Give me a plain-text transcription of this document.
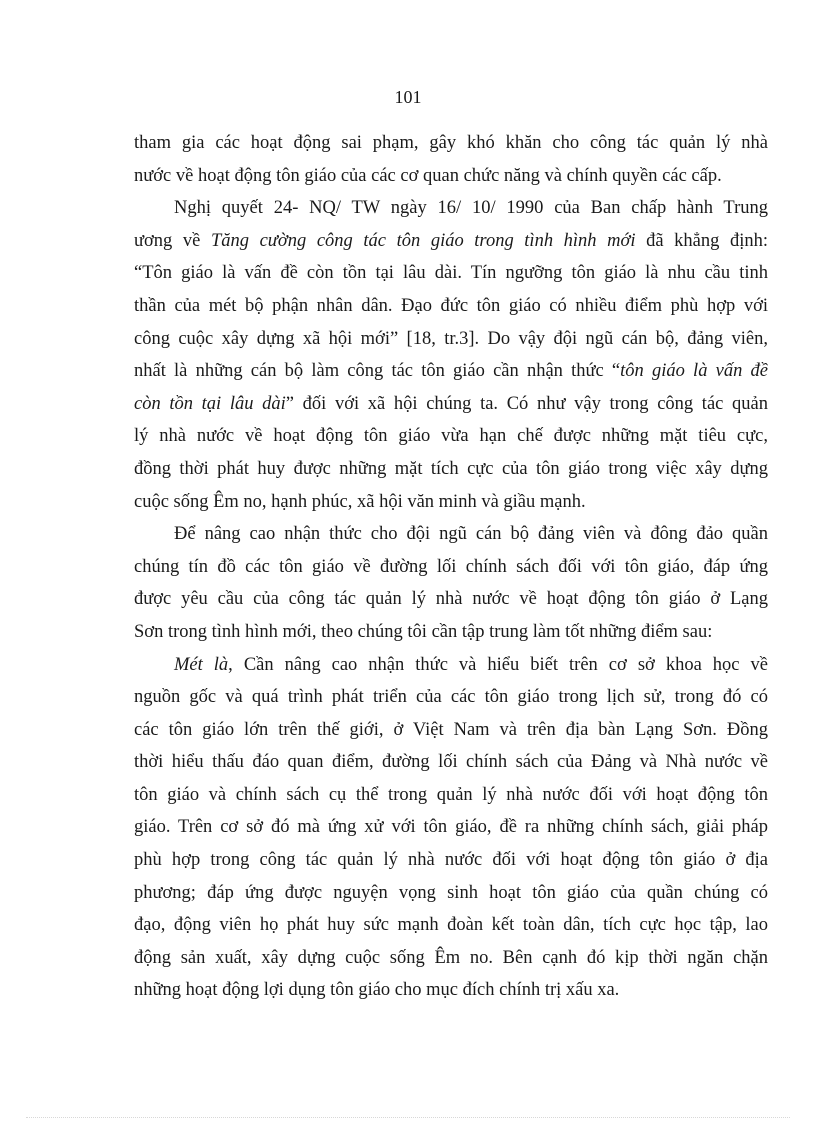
101
tham gia các hoạt động sai phạm, gây khó khăn cho công tác quản lý nhà
nước về hoạt động tôn giáo của các cơ quan chức năng và chính quyền các cấp.
Nghị quyết 24- NQ/ TW ngày 16/ 10/ 1990 của Ban chấp hành Trung
ương về Tăng cường công tác tôn giáo trong tình hình mới đã khẳng định:
“Tôn giáo là vấn đề còn tồn tại lâu dài. Tín ngưỡng tôn giáo là nhu cầu tinh
thần của mét bộ phận nhân dân. Đạo đức tôn giáo có nhiều điểm phù hợp với
công cuộc xây dựng xã hội mới” [18, tr.3]. Do vậy đội ngũ cán bộ, đảng viên,
nhất là những cán bộ làm công tác tôn giáo cần nhận thức “tôn giáo là vấn đề
còn tồn tại lâu dài” đối với xã hội chúng ta. Có như vậy trong công tác quản
lý nhà nước về hoạt động tôn giáo vừa hạn chế được những mặt tiêu cực,
đồng thời phát huy được những mặt tích cực của tôn giáo trong việc xây dựng
cuộc sống Êm no, hạnh phúc, xã hội văn minh và giầu mạnh.
Để nâng cao nhận thức cho đội ngũ cán bộ đảng viên và đông đảo quần
chúng tín đồ các tôn giáo về đường lối chính sách đối với tôn giáo, đáp ứng
được yêu cầu của công tác quản lý nhà nước về hoạt động tôn giáo ở Lạng
Sơn trong tình hình mới, theo chúng tôi cần tập trung làm tốt những điểm sau:
Mét là, Cần nâng cao nhận thức và hiểu biết trên cơ sở khoa học về
nguồn gốc và quá trình phát triển của các tôn giáo trong lịch sử, trong đó có
các tôn giáo lớn trên thế giới, ở Việt Nam và trên địa bàn Lạng Sơn. Đồng
thời hiểu thấu đáo quan điểm, đường lối chính sách của Đảng và Nhà nước về
tôn giáo và chính sách cụ thể trong quản lý nhà nước đối với hoạt động tôn
giáo. Trên cơ sở đó mà ứng xử với tôn giáo, đề ra những chính sách, giải pháp
phù hợp trong công tác quản lý nhà nước đối với hoạt động tôn giáo ở địa
phương; đáp ứng được nguyện vọng sinh hoạt tôn giáo của quần chúng có
đạo, động viên họ phát huy sức mạnh đoàn kết toàn dân, tích cực học tập, lao
động sản xuất, xây dựng cuộc sống Êm no. Bên cạnh đó kịp thời ngăn chặn
những hoạt động lợi dụng tôn giáo cho mục đích chính trị xấu xa.
